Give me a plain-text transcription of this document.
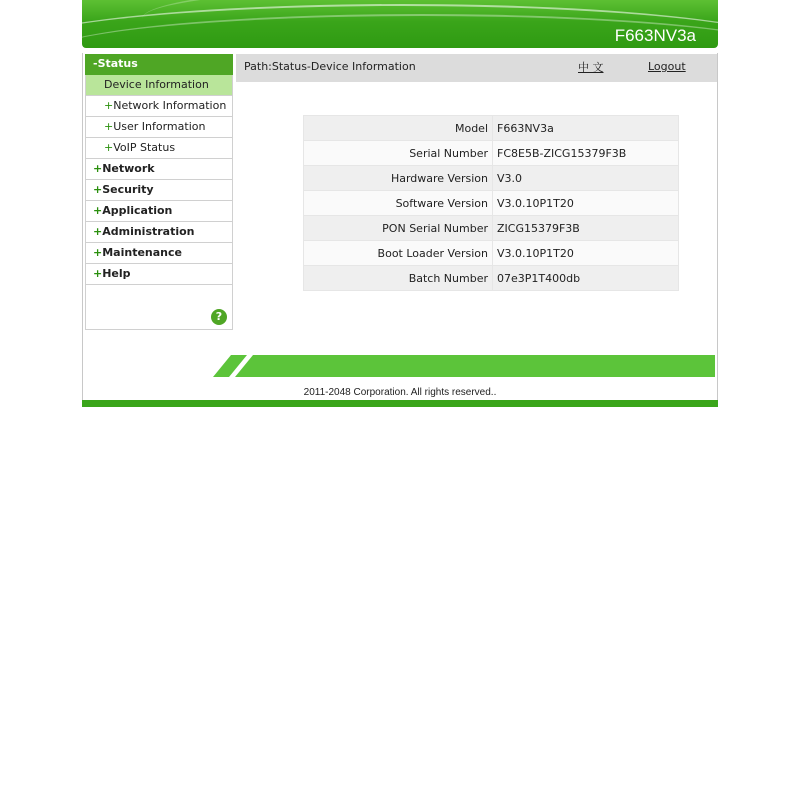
F663NV3a
-Status
Device Information
+Network Information
+User Information
+VoIP Status
+Network
+Security
+Application
+Administration
+Maintenance
+Help
?
Path:Status-Device Information	中 文	Logout
Model	F663NV3a
Serial Number	FC8E5B-ZICG15379F3B
Hardware Version	V3.0
Software Version	V3.0.10P1T20
PON Serial Number	ZICG15379F3B
Boot Loader Version	V3.0.10P1T20
Batch Number	07e3P1T400db
2011-2048 Corporation. All rights reserved..
